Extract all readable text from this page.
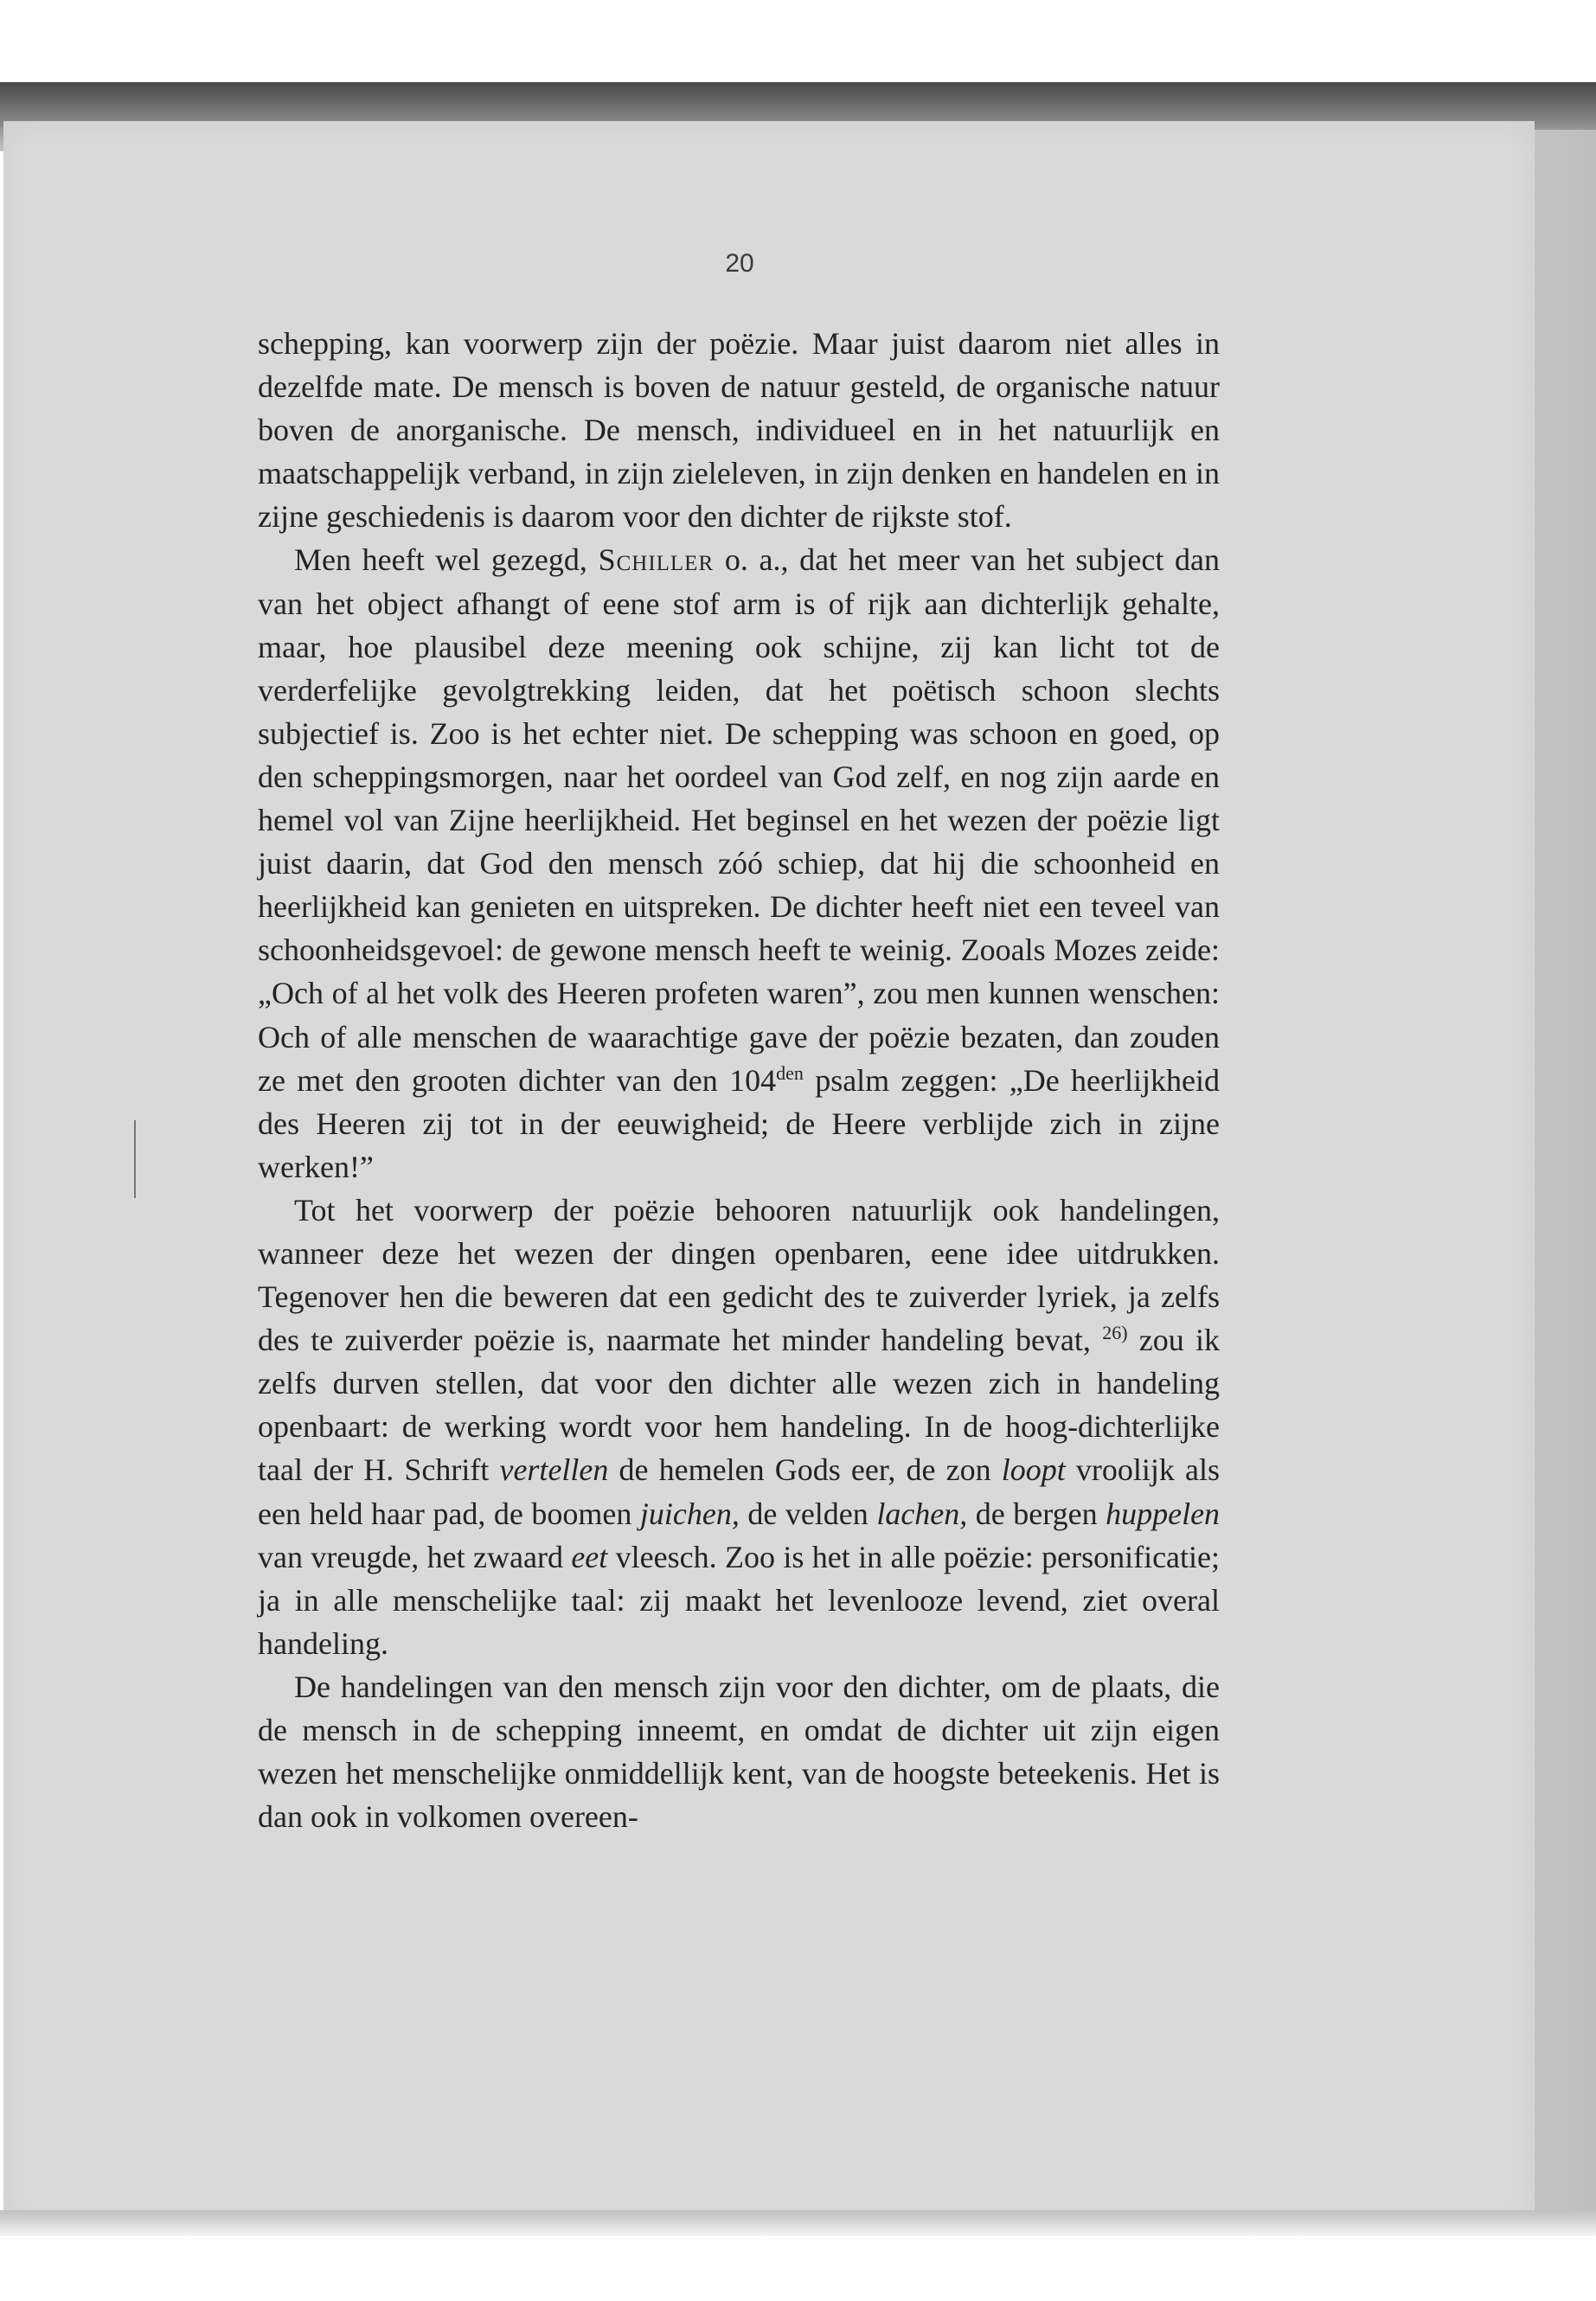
20

schepping, kan voorwerp zijn der poëzie. Maar juist daarom niet alles in dezelfde mate. De mensch is boven de natuur gesteld, de organische natuur boven de anorganische. De mensch, individueel en in het natuurlijk en maatschappelijk verband, in zijn zieleleven, in zijn denken en handelen en in zijne geschiedenis is daarom voor den dichter de rijkste stof.

Men heeft wel gezegd, Schiller o. a., dat het meer van het subject dan van het object afhangt of eene stof arm is of rijk aan dichterlijk gehalte, maar, hoe plausibel deze meening ook schijne, zij kan licht tot de verderfelijke gevolgtrekking leiden, dat het poëtisch schoon slechts subjectief is. Zoo is het echter niet. De schepping was schoon en goed, op den scheppingsmorgen, naar het oordeel van God zelf, en nog zijn aarde en hemel vol van Zijne heerlijkheid. Het beginsel en het wezen der poëzie ligt juist daarin, dat God den mensch zóó schiep, dat hij die schoonheid en heerlijkheid kan genieten en uitspreken. De dichter heeft niet een teveel van schoonheidsgevoel: de gewone mensch heeft te weinig. Zooals Mozes zeide: „Och of al het volk des Heeren profeten waren”, zou men kunnen wenschen: Och of alle menschen de waarachtige gave der poëzie bezaten, dan zouden ze met den grooten dichter van den $104^{den}$ psalm zeggen: „De heerlijkheid des Heeren zij tot in der eeuwigheid; de Heere verblijde zich in zijne werken!”

Tot het voorwerp der poëzie behooren natuurlijk ook handelingen, wanneer deze het wezen der dingen openbaren, eene idee uitdrukken. Tegenover hen die beweren dat een gedicht des te zuiverder lyriek, ja zelfs des te zuiverder poëzie is, naarmate het minder handeling bevat, $^{26)}$ zou ik zelfs durven stellen, dat voor den dichter alle wezen zich in handeling openbaart: de werking wordt voor hem handeling. In de hoog-dichterlijke taal der H. Schrift vertellen de hemelen Gods eer, de zon loopt vroolijk als een held haar pad, de boomen juichen, de velden lachen, de bergen huppelen van vreugde, het zwaard eet vleesch. Zoo is het in alle poëzie: personificatie; ja in alle menschelijke taal: zij maakt het levenlooze levend, ziet overal handeling.

De handelingen van den mensch zijn voor den dichter, om de plaats, die de mensch in de schepping inneemt, en omdat de dichter uit zijn eigen wezen het menschelijke onmiddellijk kent, van de hoogste beteekenis. Het is dan ook in volkomen overeen-
